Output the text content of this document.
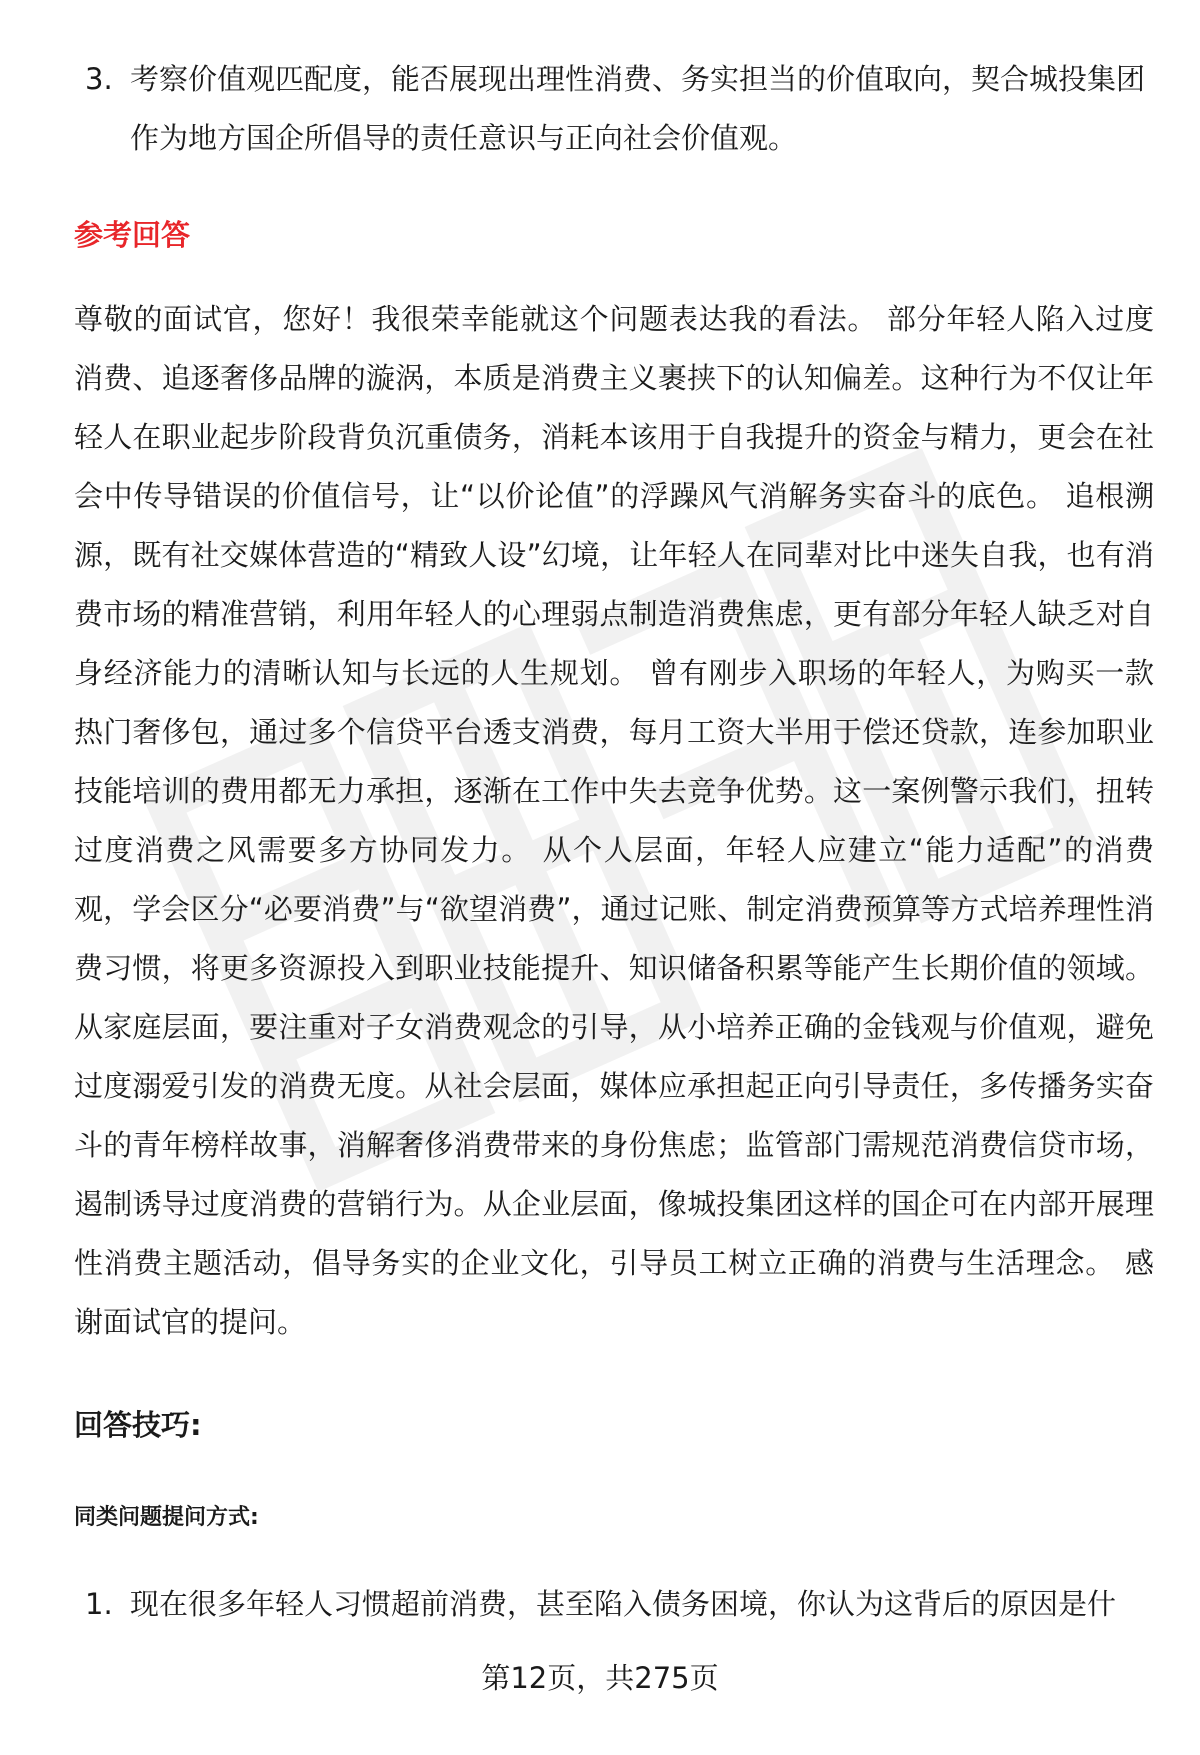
3. 考察价值观匹配度，能否展现出理性消费、务实担当的价值取向，契合城投集团作为地方国企所倡导的责任意识与正向社会价值观。
参考回答

尊敬的面试官，您好！我很荣幸能就这个问题表达我的看法。 部分年轻人陷入过度消费、追逐奢侈品牌的漩涡，本质是消费主义裹挟下的认知偏差。这种行为不仅让年轻人在职业起步阶段背负沉重债务，消耗本该用于自我提升的资金与精力，更会在社会中传导错误的价值信号，让“以价论值”的浮躁风气消解务实奋斗的底色。 追根溯源，既有社交媒体营造的“精致人设”幻境，让年轻人在同辈对比中迷失自我，也有消费市场的精准营销，利用年轻人的心理弱点制造消费焦虑，更有部分年轻人缺乏对自身经济能力的清晰认知与长远的人生规划。 曾有刚步入职场的年轻人，为购买一款热门奢侈包，通过多个信贷平台透支消费，每月工资大半用于偿还贷款，连参加职业技能培训的费用都无力承担，逐渐在工作中失去竞争优势。这一案例警示我们，扭转过度消费之风需要多方协同发力。 从个人层面，年轻人应建立“能力适配”的消费观，学会区分“必要消费”与“欲望消费”，通过记账、制定消费预算等方式培养理性消费习惯，将更多资源投入到职业技能提升、知识储备积累等能产生长期价值的领域。从家庭层面，要注重对子女消费观念的引导，从小培养正确的金钱观与价值观，避免过度溺爱引发的消费无度。从社会层面，媒体应承担起正向引导责任，多传播务实奋斗的青年榜样故事，消解奢侈消费带来的身份焦虑；监管部门需规范消费信贷市场，遏制诱导过度消费的营销行为。从企业层面，像城投集团这样的国企可在内部开展理性消费主题活动，倡导务实的企业文化，引导员工树立正确的消费与生活理念。 感谢面试官的提问。

回答技巧:
同类问题提问方式:
1. 现在很多年轻人习惯超前消费，甚至陷入债务困境，你认为这背后的原因是什
第12页，共275页
